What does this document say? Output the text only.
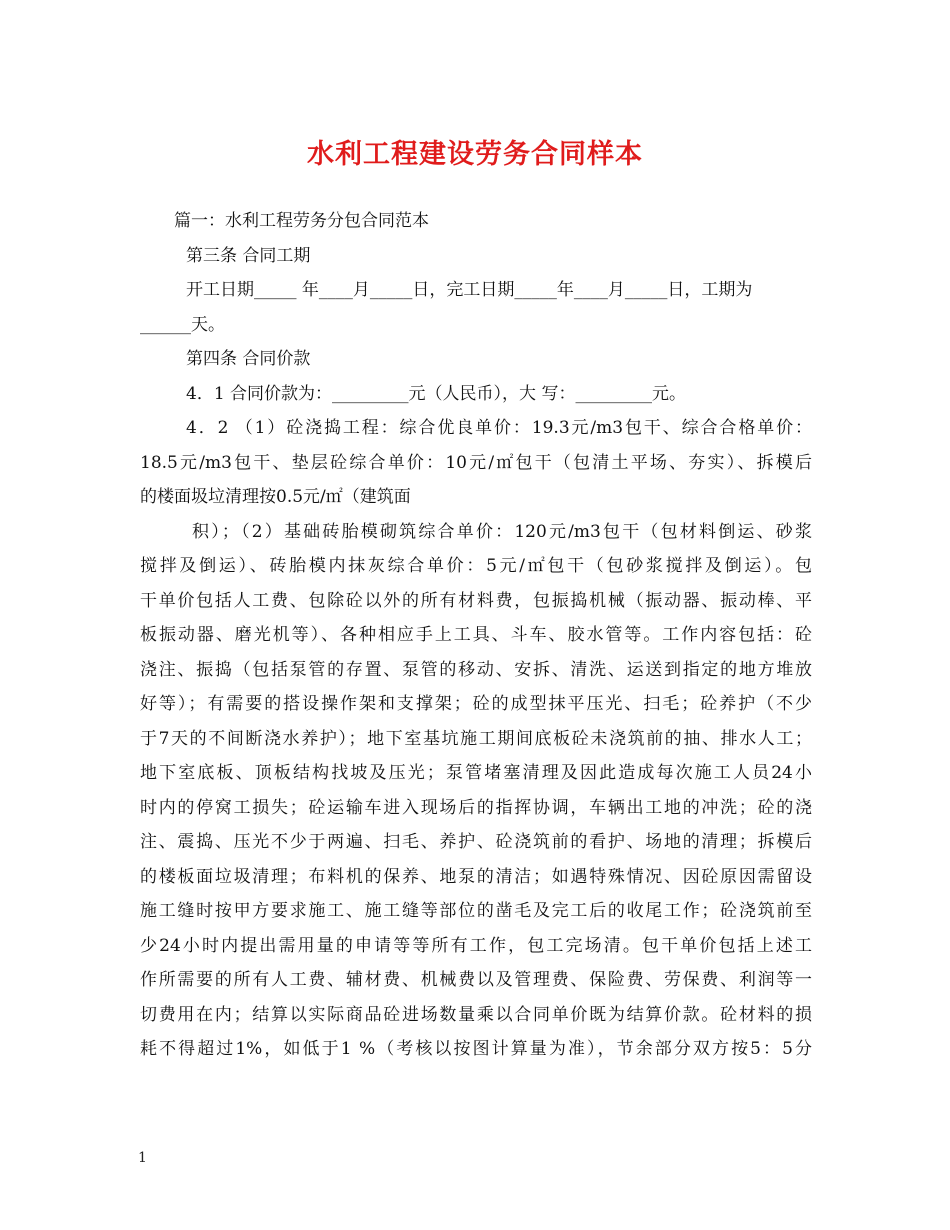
水利工程建设劳务合同样本
篇一：水利工程劳务分包合同范本
第三条 合同工期
开工日期_____ 年____月_____日，完工日期_____年____月_____日，工期为
______天。
第四条 合同价款
4．1 合同价款为：_________元（人民币），大 写：_________元。
4．2 （1）砼浇捣工程：综合优良单价：19.3元/m3包干、综合合格单价：
18.5元/m3包干、垫层砼综合单价：10元/㎡包干（包清土平场、夯实）、拆模后
的楼面圾垃清理按0.5元/㎡（建筑面
积）；（2）基础砖胎模砌筑综合单价：120元/m3包干（包材料倒运、砂浆
搅拌及倒运）、砖胎模内抹灰综合单价：5元/㎡包干（包砂浆搅拌及倒运）。包
干单价包括人工费、包除砼以外的所有材料费，包振捣机械（振动器、振动棒、平
板振动器、磨光机等）、各种相应手上工具、斗车、胶水管等。工作内容包括：砼
浇注、振捣（包括泵管的存置、泵管的移动、安拆、清洗、运送到指定的地方堆放
好等）；有需要的搭设操作架和支撑架；砼的成型抹平压光、扫毛；砼养护（不少
于7天的不间断浇水养护）；地下室基坑施工期间底板砼未浇筑前的抽、排水人工；
地下室底板、顶板结构找坡及压光；泵管堵塞清理及因此造成每次施工人员24小
时内的停窝工损失；砼运输车进入现场后的指挥协调，车辆出工地的冲洗；砼的浇
注、震捣、压光不少于两遍、扫毛、养护、砼浇筑前的看护、场地的清理；拆模后
的楼板面垃圾清理；布料机的保养、地泵的清洁；如遇特殊情况、因砼原因需留设
施工缝时按甲方要求施工、施工缝等部位的凿毛及完工后的收尾工作；砼浇筑前至
少24小时内提出需用量的申请等等所有工作，包工完场清。包干单价包括上述工
作所需要的所有人工费、辅材费、机械费以及管理费、保险费、劳保费、利润等一
切费用在内；结算以实际商品砼进场数量乘以合同单价既为结算价款。砼材料的损
耗不得超过1%，如低于1 %（考核以按图计算量为准），节余部分双方按5：5分
1
